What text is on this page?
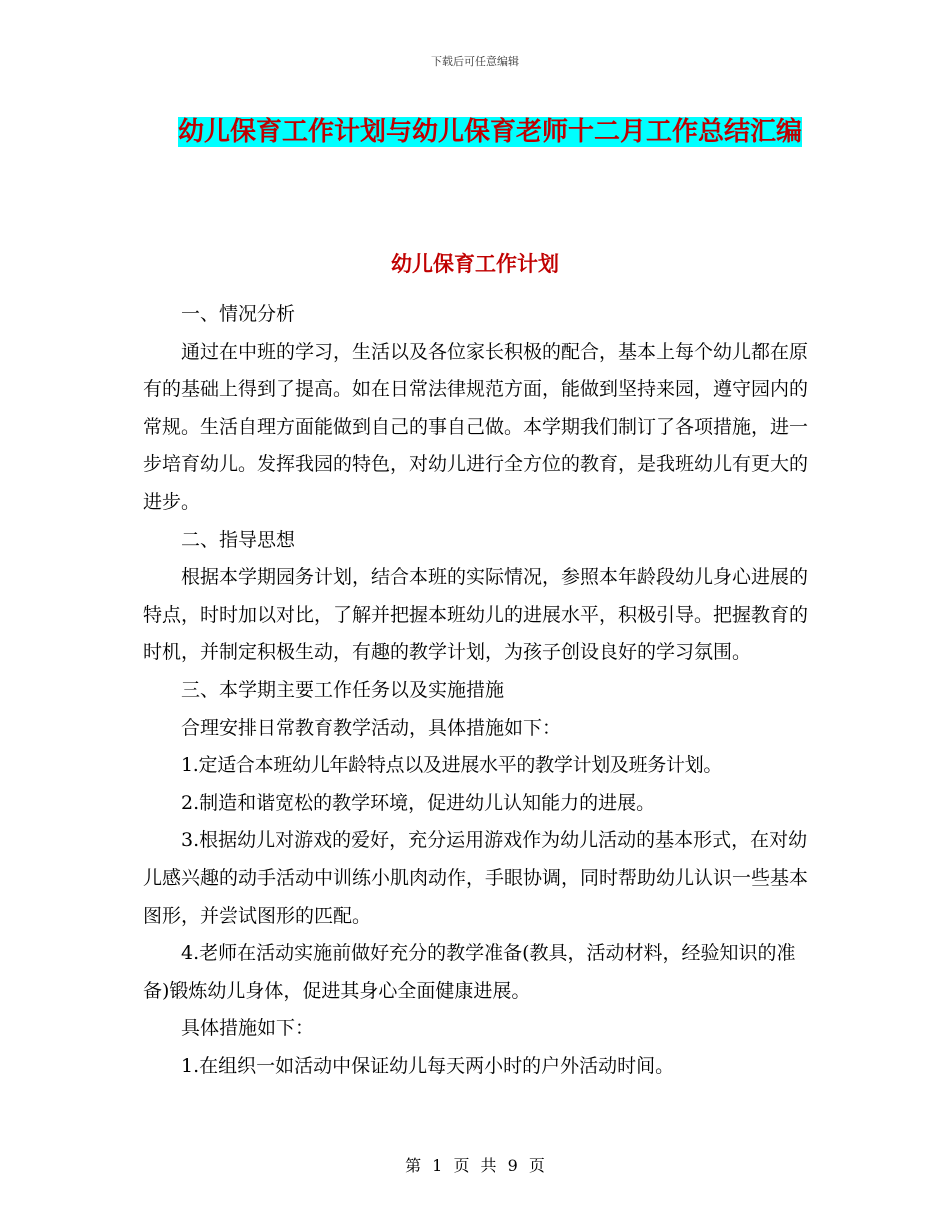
下载后可任意编辑
幼儿保育工作计划与幼儿保育老师十二月工作总结汇编
幼儿保育工作计划

一、情况分析

通过在中班的学习，生活以及各位家长积极的配合，基本上每个幼儿都在原有的基础上得到了提高。如在日常法律规范方面，能做到坚持来园，遵守园内的常规。生活自理方面能做到自己的事自己做。本学期我们制订了各项措施，进一步培育幼儿。发挥我园的特色，对幼儿进行全方位的教育，是我班幼儿有更大的进步。

二、指导思想

根据本学期园务计划，结合本班的实际情况，参照本年龄段幼儿身心进展的特点，时时加以对比，了解并把握本班幼儿的进展水平，积极引导。把握教育的时机，并制定积极生动，有趣的教学计划，为孩子创设良好的学习氛围。

三、本学期主要工作任务以及实施措施

合理安排日常教育教学活动，具体措施如下：

1.定适合本班幼儿年龄特点以及进展水平的教学计划及班务计划。

2.制造和谐宽松的教学环境，促进幼儿认知能力的进展。

3.根据幼儿对游戏的爱好，充分运用游戏作为幼儿活动的基本形式，在对幼儿感兴趣的动手活动中训练小肌肉动作，手眼协调，同时帮助幼儿认识一些基本图形，并尝试图形的匹配。

4.老师在活动实施前做好充分的教学准备(教具，活动材料，经验知识的准备)锻炼幼儿身体，促进其身心全面健康进展。

具体措施如下：

1.在组织一如活动中保证幼儿每天两小时的户外活动时间。

第 1 页 共 9 页
